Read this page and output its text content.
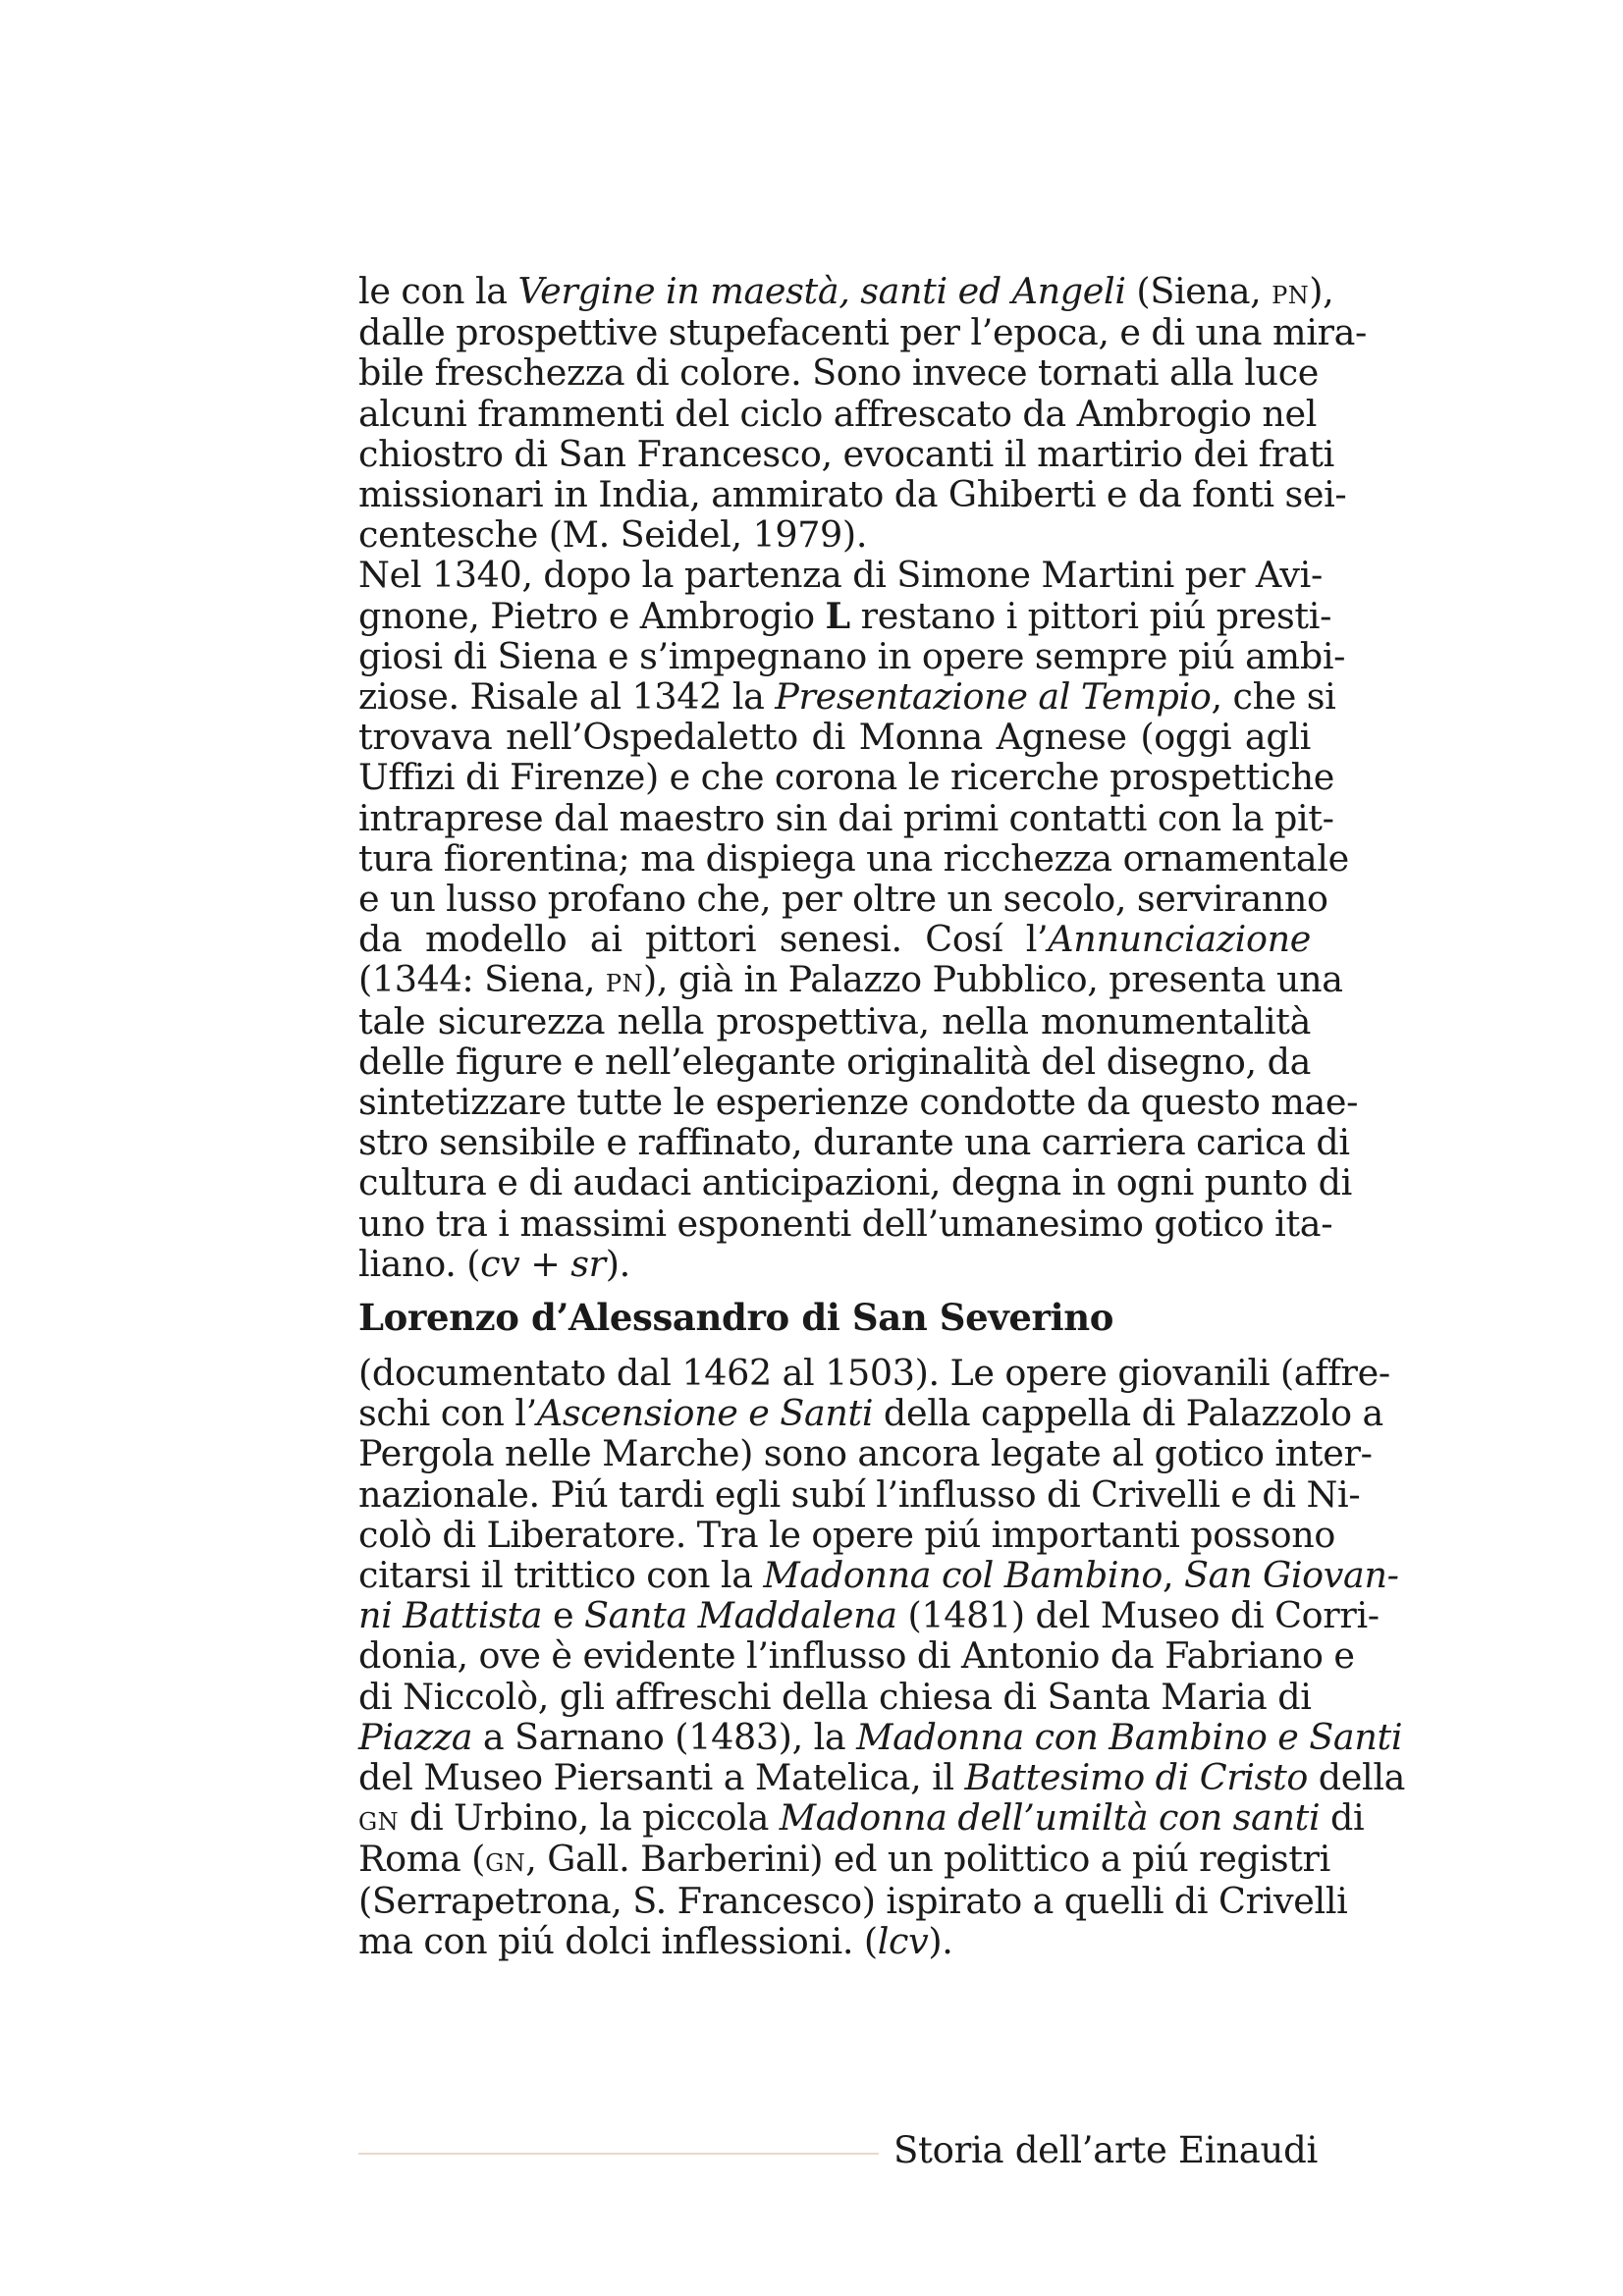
le con la Vergine in maestà, santi ed Angeli (Siena, pn),
dalle prospettive stupefacenti per l’epoca, e di una mira-
bile freschezza di colore. Sono invece tornati alla luce
alcuni frammenti del ciclo affrescato da Ambrogio nel
chiostro di San Francesco, evocanti il martirio dei frati
missionari in India, ammirato da Ghiberti e da fonti sei-
centesche (M. Seidel, 1979).
Nel 1340, dopo la partenza di Simone Martini per Avi-
gnone, Pietro e Ambrogio L restano i pittori piú presti-
giosi di Siena e s’impegnano in opere sempre piú ambi-
ziose. Risale al 1342 la Presentazione al Tempio, che si
trovava nell’Ospedaletto di Monna Agnese (oggi agli
Uffizi di Firenze) e che corona le ricerche prospettiche
intraprese dal maestro sin dai primi contatti con la pit-
tura fiorentina; ma dispiega una ricchezza ornamentale
e un lusso profano che, per oltre un secolo, serviranno
da modello ai pittori senesi. Cosí l’Annunciazione
(1344: Siena, pn), già in Palazzo Pubblico, presenta una
tale sicurezza nella prospettiva, nella monumentalità
delle figure e nell’elegante originalità del disegno, da
sintetizzare tutte le esperienze condotte da questo mae-
stro sensibile e raffinato, durante una carriera carica di
cultura e di audaci anticipazioni, degna in ogni punto di
uno tra i massimi esponenti dell’umanesimo gotico ita-
liano. (cv + sr).
Lorenzo d’Alessandro di San Severino
(documentato dal 1462 al 1503). Le opere giovanili (affre-
schi con l’Ascensione e Santi della cappella di Palazzolo a
Pergola nelle Marche) sono ancora legate al gotico inter-
nazionale. Piú tardi egli subí l’influsso di Crivelli e di Ni-
colò di Liberatore. Tra le opere piú importanti possono
citarsi il trittico con la Madonna col Bambino, San Giovan-
ni Battista e Santa Maddalena (1481) del Museo di Corri-
donia, ove è evidente l’influsso di Antonio da Fabriano e
di Niccolò, gli affreschi della chiesa di Santa Maria di
Piazza a Sarnano (1483), la Madonna con Bambino e Santi
del Museo Piersanti a Matelica, il Battesimo di Cristo della
gn di Urbino, la piccola Madonna dell’umiltà con santi di
Roma (gn, Gall. Barberini) ed un polittico a piú registri
(Serrapetrona, S. Francesco) ispirato a quelli di Crivelli
ma con piú dolci inflessioni. (lcv).
Storia dell’arte Einaudi
